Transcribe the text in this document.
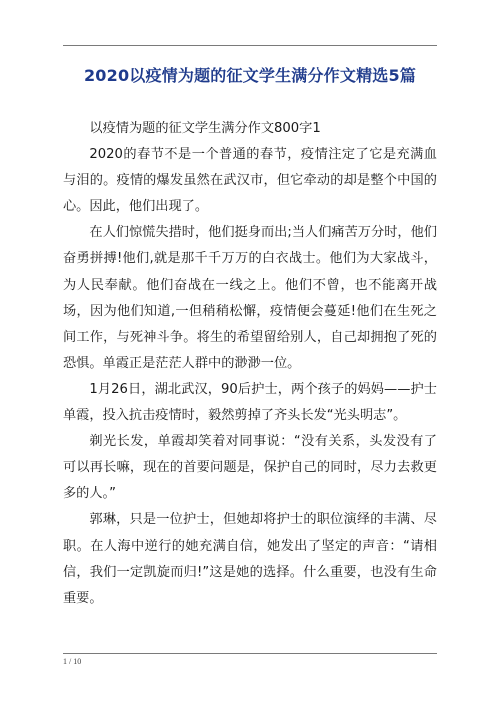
2020以疫情为题的征文学生满分作文精选5篇

以疫情为题的征文学生满分作文800字1

2020的春节不是一个普通的春节，疫情注定了它是充满血与泪的。疫情的爆发虽然在武汉市，但它牵动的却是整个中国的心。因此，他们出现了。

在人们惊慌失措时，他们挺身而出;当人们痛苦万分时，他们奋勇拼搏!他们,就是那千千万万的白衣战士。他们为大家战斗，为人民奉献。他们奋战在一线之上。他们不曾，也不能离开战场，因为他们知道,一但稍稍松懈，疫情便会蔓延!他们在生死之间工作，与死神斗争。将生的希望留给别人，自己却拥抱了死的恐惧。单霞正是茫茫人群中的渺渺一位。

1月26日，湖北武汉，90后护士，两个孩子的妈妈——护士单霞，投入抗击疫情时，毅然剪掉了齐头长发“光头明志”。

剃光长发，单霞却笑着对同事说：“没有关系，头发没有了可以再长嘛，现在的首要问题是，保护自己的同时，尽力去救更多的人。”

郭琳，只是一位护士，但她却将护士的职位演绎的丰满、尽职。在人海中逆行的她充满自信，她发出了坚定的声音：“请相信，我们一定凯旋而归!”这是她的选择。什么重要，也没有生命重要。

1 / 10
